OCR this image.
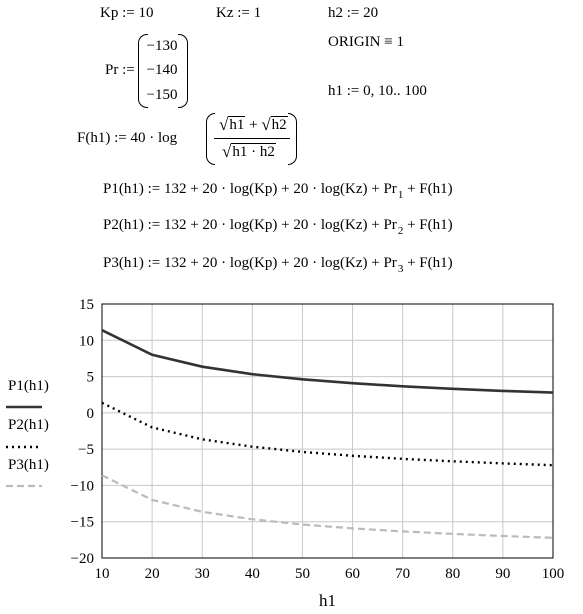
Kp := 10	Kz := 1	h2 := 20
ORIGIN ≡ 1
Pr :=
−130
−140
−150	h1 := 0, 10.. 100
F(h1) := 40 · log
√h1 + √h2
√h1 · h2
P1(h1) := $132 + 20 \cdot \log(Kp) + 20 \cdot \log(Kz) + Pr_1 + F(h1)$
P2(h1) := $132 + 20 \cdot \log(Kp) + 20 \cdot \log(Kz) + Pr_2 + F(h1)$
P3(h1) := $132 + 20 \cdot \log(Kp) + 20 \cdot \log(Kz) + Pr_3 + F(h1)$
P1(h1)
P2(h1)
P3(h1)
10 20 30 40 50 60 70 80 90 100
15
10
5
0
−5
−10
−15
−20
h1
